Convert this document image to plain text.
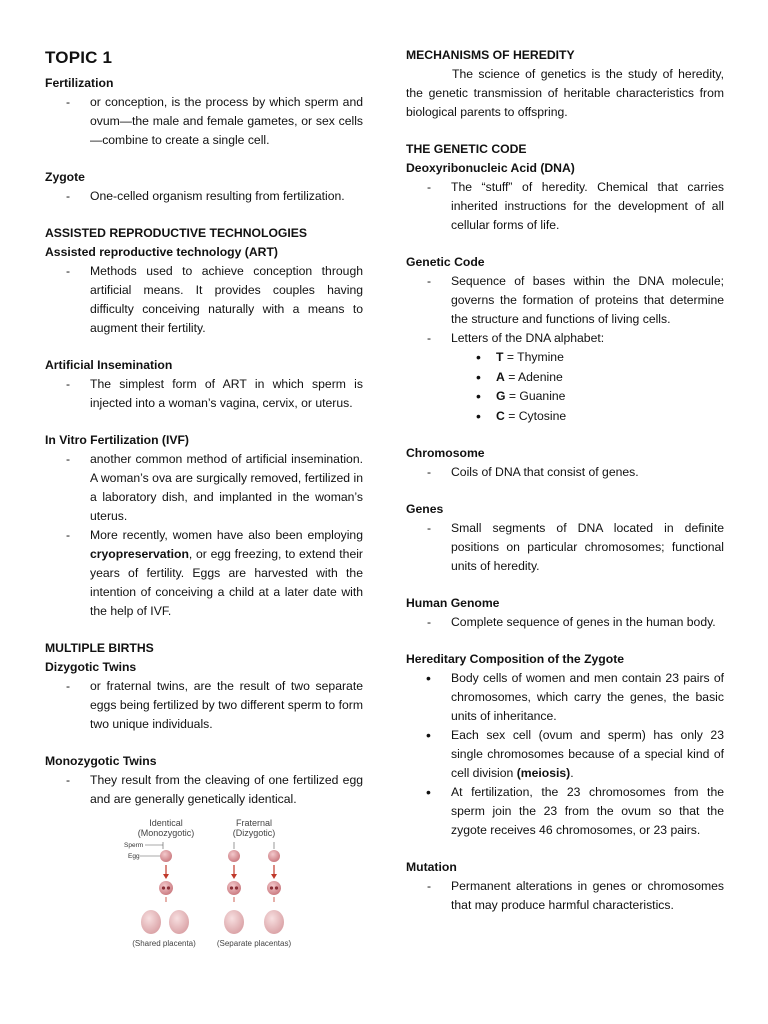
TOPIC 1
Fertilization
- or conception, is the process by which sperm and ovum—the male and female gametes, or sex cells—combine to create a single cell.
Zygote
- One-celled organism resulting from fertilization.
ASSISTED REPRODUCTIVE TECHNOLOGIES
Assisted reproductive technology (ART)
- Methods used to achieve conception through artificial means. It provides couples having difficulty conceiving naturally with a means to augment their fertility.
Artificial Insemination
- The simplest form of ART in which sperm is injected into a woman’s vagina, cervix, or uterus.
In Vitro Fertilization (IVF)
- another common method of artificial insemination. A woman’s ova are surgically removed, fertilized in a laboratory dish, and implanted in the woman’s uterus.
- More recently, women have also been employing cryopreservation, or egg freezing, to extend their years of fertility. Eggs are harvested with the intention of conceiving a child at a later date with the help of IVF.
MULTIPLE BIRTHS
Dizygotic Twins
- or fraternal twins, are the result of two separate eggs being fertilized by two different sperm to form two unique individuals.
Monozygotic Twins
- They result from the cleaving of one fertilized egg and are generally genetically identical.
Identical
(Monozygotic)
Fraternal
(Dizygotic)
Sperm
Egg
(Shared placenta)	(Separate placentas)
MECHANISMS OF HEREDITY

The science of genetics is the study of heredity, the genetic transmission of heritable characteristics from biological parents to offspring.

THE GENETIC CODE
Deoxyribonucleic Acid (DNA)
- The “stuff” of heredity. Chemical that carries inherited instructions for the development of all cellular forms of life.
Genetic Code
- Sequence of bases within the DNA molecule; governs the formation of proteins that determine the structure and functions of living cells.
- Letters of the DNA alphabet:
• T = Thymine
• A = Adenine
• G = Guanine
• C = Cytosine
Chromosome
- Coils of DNA that consist of genes.
Genes
- Small segments of DNA located in definite positions on particular chromosomes; functional units of heredity.
Human Genome
- Complete sequence of genes in the human body.
Hereditary Composition of the Zygote
• Body cells of women and men contain 23 pairs of chromosomes, which carry the genes, the basic units of inheritance.
• Each sex cell (ovum and sperm) has only 23 single chromosomes because of a special kind of cell division (meiosis).
• At fertilization, the 23 chromosomes from the sperm join the 23 from the ovum so that the zygote receives 46 chromosomes, or 23 pairs.
Mutation
- Permanent alterations in genes or chromosomes that may produce harmful characteristics.
